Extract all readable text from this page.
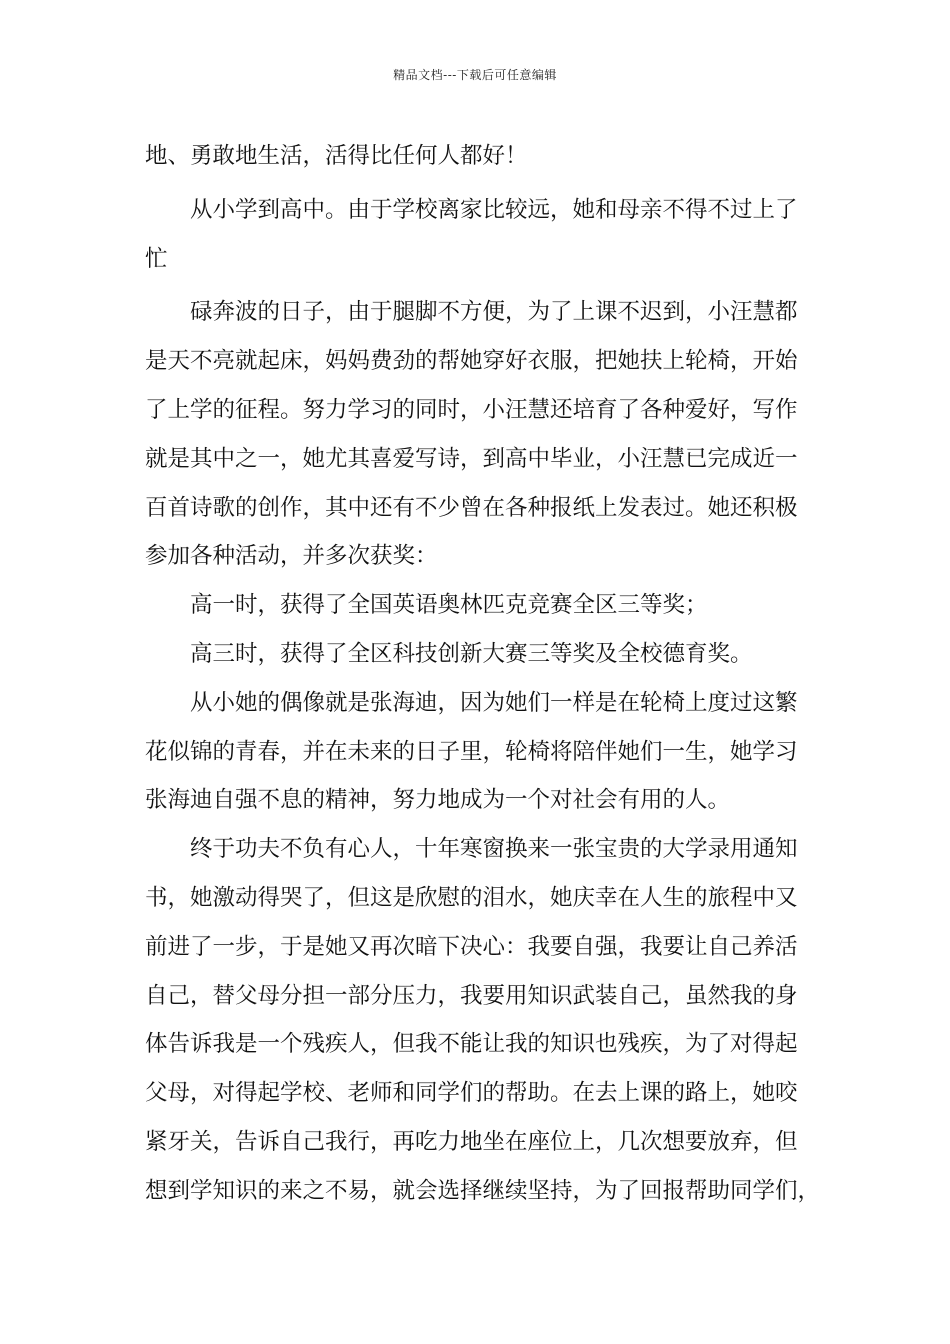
精品文档---下载后可任意编辑

地、勇敢地生活，活得比任何人都好！

从小学到高中。由于学校离家比较远，她和母亲不得不过上了

忙

碌奔波的日子，由于腿脚不方便，为了上课不迟到，小汪慧都

是天不亮就起床，妈妈费劲的帮她穿好衣服，把她扶上轮椅，开始

了上学的征程。努力学习的同时，小汪慧还培育了各种爱好，写作

就是其中之一，她尤其喜爱写诗，到高中毕业，小汪慧已完成近一

百首诗歌的创作，其中还有不少曾在各种报纸上发表过。她还积极

参加各种活动，并多次获奖：

高一时，获得了全国英语奥林匹克竞赛全区三等奖；

高三时，获得了全区科技创新大赛三等奖及全校德育奖。

从小她的偶像就是张海迪，因为她们一样是在轮椅上度过这繁

花似锦的青春，并在未来的日子里，轮椅将陪伴她们一生，她学习

张海迪自强不息的精神，努力地成为一个对社会有用的人。

终于功夫不负有心人，十年寒窗换来一张宝贵的大学录用通知

书，她激动得哭了，但这是欣慰的泪水，她庆幸在人生的旅程中又

前进了一步，于是她又再次暗下决心：我要自强，我要让自己养活

自己，替父母分担一部分压力，我要用知识武装自己，虽然我的身

体告诉我是一个残疾人，但我不能让我的知识也残疾，为了对得起

父母，对得起学校、老师和同学们的帮助。在去上课的路上，她咬

紧牙关，告诉自己我行，再吃力地坐在座位上，几次想要放弃，但

想到学知识的来之不易，就会选择继续坚持，为了回报帮助同学们，
